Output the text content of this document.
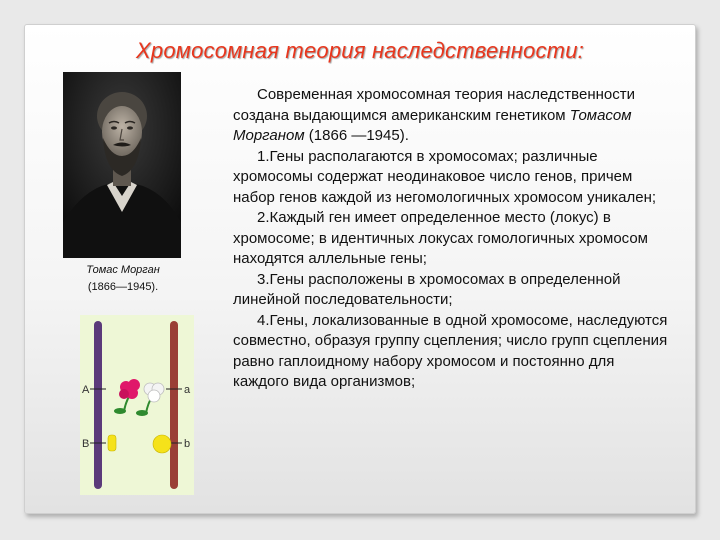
Хромосомная теория наследственности:
Томас Морган
(1866—1945).
A
B
a
b

Современная хромосомная теория наследственности создана выдающимся американским генетиком Томасом Морганом (1866 —1945).

1.Гены располагаются в хромосомах; различные хромосомы содержат неодинаковое число генов, причем набор генов каждой из негомологичных хромосом уникален;

2.Каждый ген имеет определенное место (локус) в хромосоме; в идентичных локусах гомологичных хромосом находятся аллельные гены;

3.Гены расположены в хромосомах в определенной линейной последовательности;

4.Гены, локализованные в одной хромосоме, наследуются совместно, образуя группу сцепления; число групп сцепления равно гаплоидному набору хромосом и постоянно для каждого вида организмов;
